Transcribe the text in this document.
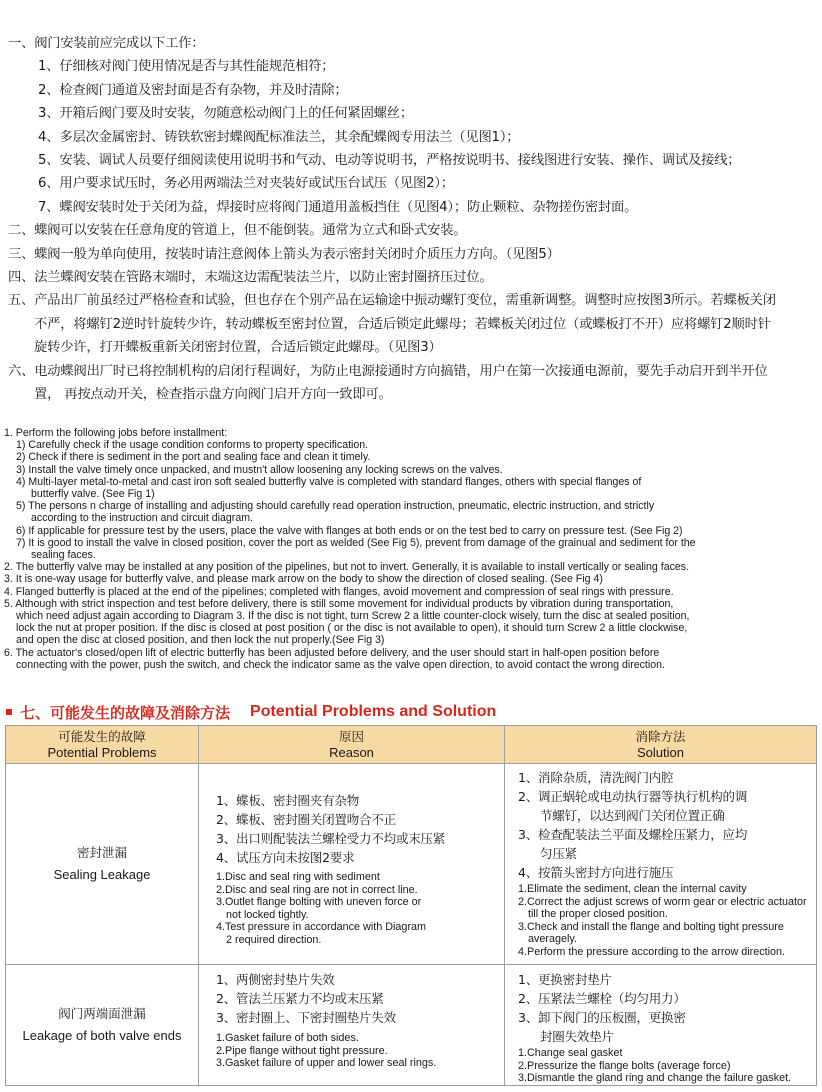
一、阀门安装前应完成以下工作：
1、仔细核对阀门使用情况是否与其性能规范相符；
2、检查阀门通道及密封面是否有杂物，并及时清除；
3、开箱后阀门要及时安装，勿随意松动阀门上的任何紧固螺丝；
4、多层次金属密封、铸铁软密封蝶阀配标准法兰，其余配蝶阀专用法兰（见图1）；
5、安装、调试人员要仔细阅读使用说明书和气动、电动等说明书，严格按说明书、接线图进行安装、操作、调试及接线；
6、用户要求试压时，务必用两端法兰对夹装好或试压台试压（见图2）；
7、蝶阀安装时处于关闭为益，焊接时应将阀门通道用盖板挡住（见图4）；防止颗粒、杂物搓伤密封面。
二、蝶阀可以安装在任意角度的管道上，但不能倒装。通常为立式和卧式安装。
三、蝶阀一般为单向使用，按装时请注意阀体上箭头为表示密封关闭时介质压力方向。（见图5）
四、法兰蝶阀安装在管路末端时，末端这边需配装法兰片，以防止密封圈挤压过位。
五、产品出厂前虽经过严格检查和试验，但也存在个别产品在运输途中振动螺钉变位，需重新调整。调整时应按图3所示。若蝶板关闭
不严，将螺钉2逆时针旋转少许，转动蝶板至密封位置，合适后锁定此螺母；若蝶板关闭过位（或蝶板打不开）应将螺钉2顺时针
旋转少许，打开蝶板重新关闭密封位置，合适后锁定此螺母。（见图3）
六、电动蝶阀出厂时已将控制机构的启闭行程调好，为防止电源接通时方向搞错，用户在第一次接通电源前，要先手动启开到半开位
置， 再按点动开关，检查指示盘方向阀门启开方向一致即可。
1. Perform the following jobs before installment:
1) Carefully check if the usage condition conforms to property specification.
2) Check if there is sediment in the port and sealing face and clean it timely.
3) Install the valve timely once unpacked, and mustn't allow loosening any locking screws on the valves.
4) Multi-layer metal-to-metal and cast iron soft sealed butterfly valve is completed with standard flanges, others with special flanges of
butterfly valve. (See Fig 1)
5) The persons n charge of installing and adjusting should carefully read operation instruction, pneumatic, electric instruction, and strictly
according to the instruction and circuit diagram.
6) If applicable for pressure test by the users, place the valve with flanges at both ends or on the test bed to carry on pressure test. (See Fig 2)
7) It is good to install the valve in closed position, cover the port as welded (See Fig 5), prevent from damage of the grainual and sediment for the
sealing faces.
2. The butterfly valve may be installed at any position of the pipelines, but not to invert. Generally, it is available to install vertically or sealing faces.
3. It is one-way usage for butterfly valve, and please mark arrow on the body to show the direction of closed sealing. (See Fig 4)
4. Flanged butterfly is placed at the end of the pipelines; completed with flanges, avoid movement and compression of seal rings with pressure.
5. Although with strict inspection and test before delivery, there is still some movement for individual products by vibration during transportation,
which need adjust again according to Diagram 3. If the disc is not tight, turn Screw 2 a little counter-clock wisely, turn the disc at sealed position,
lock the nut at proper position. If the disc is closed at post position ( or the disc is not available to open), it should turn Screw 2 a little clockwise,
and open the disc at closed position, and then lock the nut properly.(See Fig 3)
6. The actuator's closed/open lift of electric butterfly has been adjusted before delivery, and the user should start in half-open position before
connecting with the power, push the switch, and check the indicator same as the valve open direction, to avoid contact the wrong direction.
七、可能发生的故障及消除方法 Potential Problems and Solution
可能发生的故障
Potential Problems
原因
Reason
消除方法
Solution
密封泄漏
Sealing Leakage
1、蝶板、密封圈夹有杂物
2、蝶板、密封圈关闭置吻合不正
3、出口则配装法兰螺栓受力不均或末压紧
4、试压方向未按图2要求
1.Disc and seal ring with sediment
2.Disc and seal ring are not in correct line.
3.Outlet flange bolting with uneven force or
not locked tightly.
4.Test pressure in accordance with Diagram
2 required direction.
1、消除杂质，清洗阀门内腔
2、调正蜗轮或电动执行器等执行机构的调
节螺钉，以达到阀门关闭位置正确
3、检查配装法兰平面及螺栓压紧力，应均
匀压紧
4、按箭头密封方向进行施压
1.Elimate the sediment, clean the internal cavity
2.Correct the adjust screws of worm gear or electric actuator
till the proper closed position.
3.Check and install the flange and bolting tight pressure
averagely.
4.Perform the pressure according to the arrow direction.
阀门两端面泄漏
Leakage of both valve ends
1、两侧密封垫片失效
2、管法兰压紧力不均或末压紧
3、密封圈上、下密封圈垫片失效
1.Gasket failure of both sides.
2.Pipe flange without tight pressure.
3.Gasket failure of upper and lower seal rings.
1、更换密封垫片
2、压紧法兰螺栓（均匀用力）
3、卸下阀门的压板圈，更换密
封圈失效垫片
1.Change seal gasket
2.Pressurize the flange bolts (average force)
3.Dismantle the gland ring and change the failure gasket.
